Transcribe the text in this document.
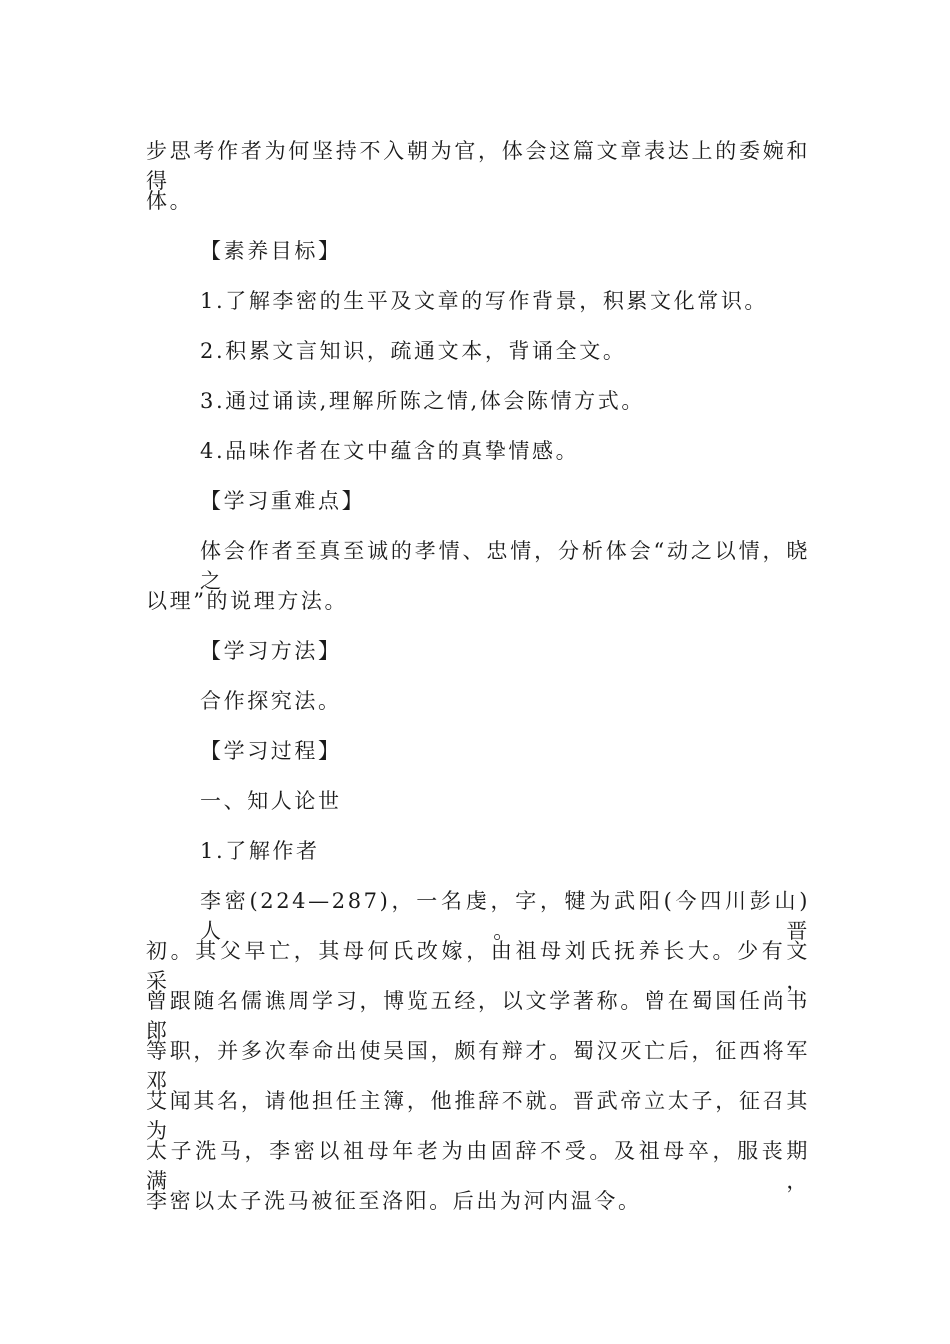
步思考作者为何坚持不入朝为官，体会这篇文章表达上的委婉和得
体。
【素养目标】
1.了解李密的生平及文章的写作背景，积累文化常识。
2.积累文言知识，疏通文本，背诵全文。
3.通过诵读,理解所陈之情,体会陈情方式。
4.品味作者在文中蕴含的真挚情感。
【学习重难点】
体会作者至真至诚的孝情、忠情，分析体会“动之以情，晓之
以理”的说理方法。
【学习方法】
合作探究法。
【学习过程】
一、知人论世
1.了解作者
李密(224—287)，一名虔，字，犍为武阳(今四川彭山)人。晋
初。其父早亡，其母何氏改嫁，由祖母刘氏抚养长大。少有文采，
曾跟随名儒谯周学习，博览五经，以文学著称。曾在蜀国任尚书郎
等职，并多次奉命出使吴国，颇有辩才。蜀汉灭亡后，征西将军邓
艾闻其名，请他担任主簿，他推辞不就。晋武帝立太子，征召其为
太子洗马，李密以祖母年老为由固辞不受。及祖母卒，服丧期满，
李密以太子洗马被征至洛阳。后出为河内温令。
